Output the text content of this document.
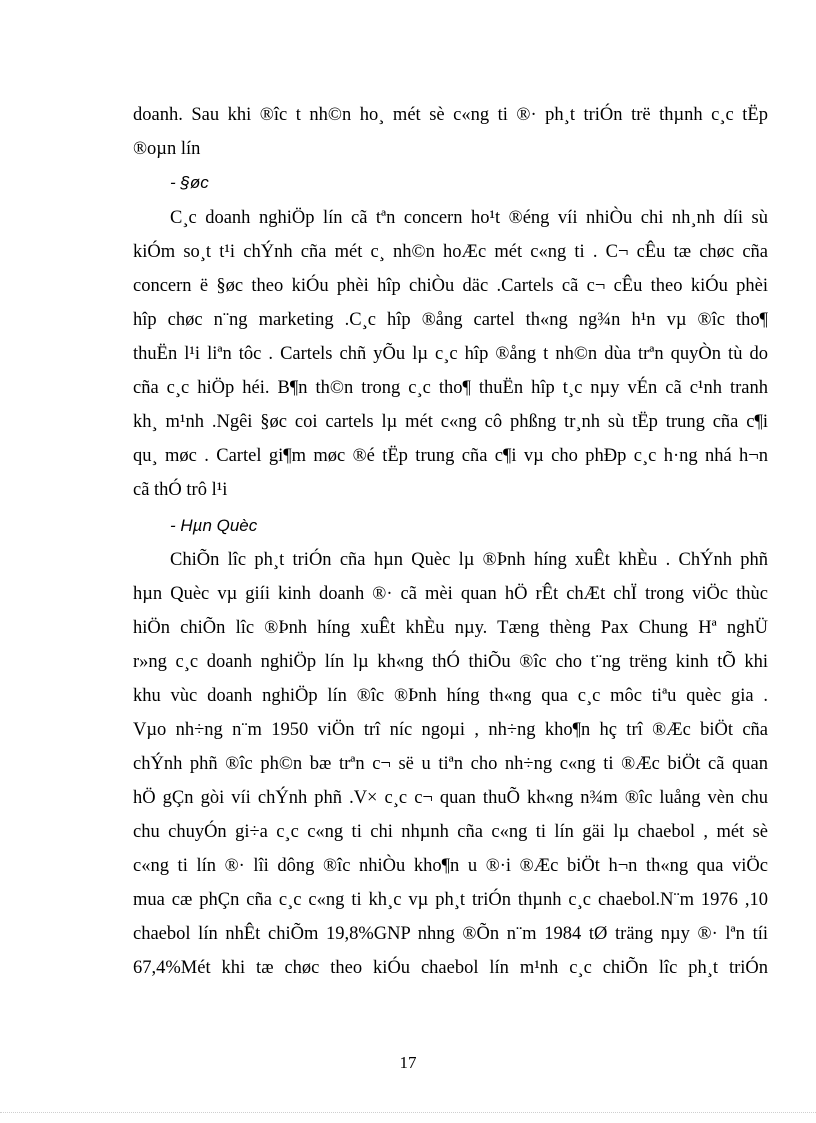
doanh. Sau khi ®îc t nh©n ho¸ mét sè c«ng ti ®· ph¸t triÓn trë thµnh c¸c tËp
®oµn lín
- §øc
C¸c doanh nghiÖp lín cã tªn concern ho¹t ®éng víi nhiÒu chi nh¸nh díi sù
kiÓm so¸t t¹i chÝnh cña mét c¸ nh©n hoÆc mét c«ng ti . C¬ cÊu tæ chøc cña
concern ë §øc theo kiÓu phèi hîp chiÒu däc .Cartels cã c¬ cÊu theo kiÓu phèi
hîp chøc n¨ng marketing .C¸c hîp ®ång cartel th«ng ng¾n h¹n vµ ®îc tho¶
thuËn l¹i liªn tôc . Cartels chñ yÕu lµ c¸c hîp ®ång t nh©n dùa trªn quyÒn tù do
cña c¸c hiÖp héi. B¶n th©n trong c¸c tho¶ thuËn hîp t¸c nµy vÉn cã c¹nh tranh
kh¸ m¹nh .Ngêi §øc coi cartels lµ mét c«ng cô phßng tr¸nh sù tËp trung cña c¶i
qu¸ møc . Cartel gi¶m møc ®é tËp trung cña c¶i vµ cho phÐp c¸c h·ng nhá h¬n
cã thÓ trô l¹i
- Hµn Quèc
ChiÕn lîc ph¸t triÓn cña hµn Quèc lµ ®Þnh híng xuÊt khÈu . ChÝnh phñ
hµn Quèc vµ giíi kinh doanh ®· cã mèi quan hÖ rÊt chÆt chÏ trong viÖc thùc
hiÖn chiÕn lîc ®Þnh híng xuÊt khÈu nµy. Tæng thèng Pax Chung Hª nghÜ
r»ng c¸c doanh nghiÖp lín lµ kh«ng thÓ thiÕu ®îc cho t¨ng trëng kinh tÕ khi
khu vùc doanh nghiÖp lín ®îc ®Þnh híng th«ng qua c¸c môc tiªu quèc gia .
Vµo nh÷ng n¨m 1950 viÖn trî níc ngoµi , nh÷ng kho¶n hç trî ®Æc biÖt cña
chÝnh phñ ®îc ph©n bæ trªn c¬ së u tiªn cho nh÷ng c«ng ti ®Æc biÖt cã quan
hÖ gÇn gòi víi chÝnh phñ .V× c¸c c¬ quan thuÕ kh«ng n¾m ®îc luång vèn chu
chu chuyÓn gi÷a c¸c c«ng ti chi nhµnh cña c«ng ti lín gäi lµ chaebol , mét sè
c«ng ti lín ®· lîi dông ®îc nhiÒu kho¶n u ®·i ®Æc biÖt h¬n th«ng qua viÖc
mua cæ phÇn cña c¸c c«ng ti kh¸c vµ ph¸t triÓn thµnh c¸c chaebol.N¨m 1976 ,10
chaebol lín nhÊt chiÕm 19,8%GNP nhng ®Õn n¨m 1984 tØ träng nµy ®· lªn tíi
67,4%Mét khi tæ chøc theo kiÓu chaebol lín m¹nh c¸c chiÕn lîc ph¸t triÓn
17
